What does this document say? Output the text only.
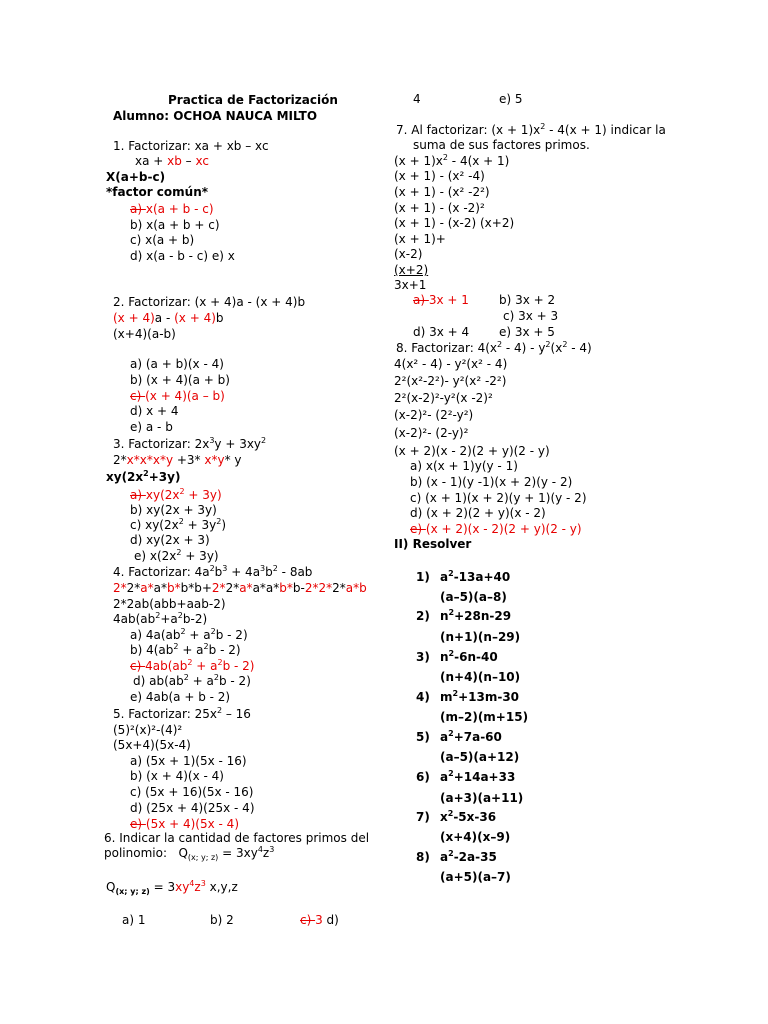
Practica de Factorización
Alumno: OCHOA NAUCA MILTO
1. Factorizar: xa + xb – xc
xa + xb – xc
X(a+b-c)
*factor común*
a) x(a + b - c)
b) x(a + b + c)
c) x(a + b)
d) x(a - b - c) e) x
2. Factorizar: (x + 4)a - (x + 4)b
(x + 4)a - (x + 4)b
(x+4)(a-b)
a) (a + b)(x - 4)
b) (x + 4)(a + b)
c) (x + 4)(a – b)
d) x + 4
e) a - b
3. Factorizar: $2x^3y + 3xy^2$
2*x*x*x*y +3* x*y* y
$xy(2x^2+3y)$
a) $xy(2x^2 + 3y)$
b) xy(2x + 3y)
c) $xy(2x^2 + 3y^2)$
d) xy(2x + 3)
e) $x(2x^2 + 3y)$
4. Factorizar: $4a^2b^3 + 4a^3b^2 - 8ab$
2*2*a*a*b*b*b+2*2*a*a*a*b*b-2*2*2*a*b
2*2ab(abb+aab-2)
$4ab(ab^2+a^2b-2)$
a) $4a(ab^2 + a^2b - 2)$
b) $4(ab^2 + a^2b - 2)$
c) $4ab(ab^2 + a^2b - 2)$
d) $ab(ab^2 + a^2b - 2)$
e) 4ab(a + b - 2)
5. Factorizar: $25x^2 - 16$
(5)²(x)²-(4)²
(5x+4)(5x-4)
a) (5x + 1)(5x - 16)
b) (x + 4)(x - 4)
c) (5x + 16)(5x - 16)
d) (25x + 4)(25x - 4)
e) (5x + 4)(5x - 4)
6. Indicar la cantidad de factores primos del
polinomio: $Q_{(x; y; z)} = 3xy^4z^3$
$Q_{(x; y; z)} = 3xy^4z^3$ x,y,z
a) 1	b) 2	c) 3 d)
4	e) 5
7. Al factorizar: $(x + 1)x^2 - 4(x + 1)$ indicar la
suma de sus factores primos.
$(x + 1)x^2 - 4(x + 1)$
(x + 1) - (x² -4)
(x + 1) - (x² -2²)
(x + 1) - (x -2)²
(x + 1) - (x-2) (x+2)
(x + 1)+
(x-2)
(x+2)
3x+1
a) 3x + 1	b) 3x + 2
c) 3x + 3
d) 3x + 4 e) 3x + 5
8. Factorizar: $4(x^2 - 4) - y^2(x^2 - 4)$
4(x² - 4) - y²(x² - 4)
2²(x²-2²)- y²(x² -2²)
2²(x-2)²-y²(x -2)²
(x-2)²- (2²-y²)
(x-2)²- (2-y)²
(x + 2)(x - 2)(2 + y)(2 - y)
a) x(x + 1)y(y - 1)
b) (x - 1)(y -1)(x + 2)(y - 2)
c) (x + 1)(x + 2)(y + 1)(y - 2)
d) (x + 2)(2 + y)(x - 2)
e) (x + 2)(x - 2)(2 + y)(2 - y)
II) Resolver
1) $a^2-13a+40$
(a–5)(a–8)
2) $n^2+28n-29$
(n+1)(n–29)
3) $n^2-6n-40$
(n+4)(n–10)
4) $m^2+13m-30$
(m–2)(m+15)
5) $a^2+7a-60$
(a–5)(a+12)
6) $a^2+14a+33$
(a+3)(a+11)
7) $x^2-5x-36$
(x+4)(x–9)
8) $a^2-2a-35$
(a+5)(a–7)
